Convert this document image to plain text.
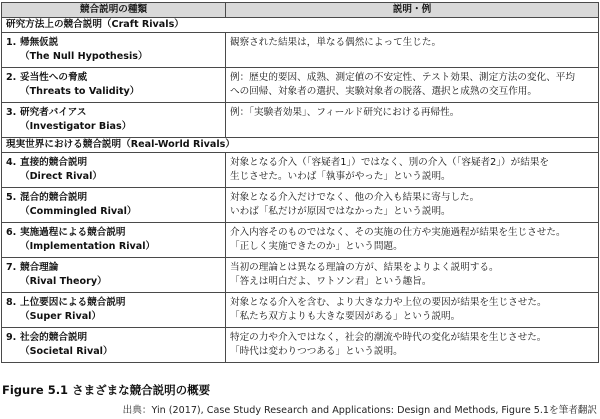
競合説明の種類	説明・例
研究方法上の競合説明（Craft Rivals）	
1. 帰無仮説
（The Null Hypothesis）	観察された結果は，単なる偶然によって生じた。

2. 妥当性への脅威
（Threats to Validity）	例：歴史的要因、成熟、測定値の不安定性、テスト効果、測定方法の変化、平均
への回帰、対象者の選択、実験対象者の脱落、選択と成熟の交互作用。

3. 研究者バイアス
（Investigator Bias）	例：「実験者効果」、フィールド研究における再帰性。

現実世界における競合説明（Real-World Rivals）	
4. 直接的競合説明
（Direct Rival）	対象となる介入（「容疑者1」）ではなく、別の介入（「容疑者2」）が結果を
生じさせた。いわば「執事がやった」という説明。

5. 混合的競合説明
（Commingled Rival）	対象となる介入だけでなく、他の介入も結果に寄与した。
いわば「私だけが原因ではなかった」という説明。

6. 実施過程による競合説明
（Implementation Rival）	介入内容そのものではなく、その実施の仕方や実施過程が結果を生じさせた。
「正しく実施できたのか」という問題。

7. 競合理論
（Rival Theory）	当初の理論とは異なる理論の方が、結果をよりよく説明する。
「答えは明白だよ、ワトソン君」という趣旨。

8. 上位要因による競合説明
（Super Rival）	対象となる介入を含む、より大きな力や上位の要因が結果を生じさせた。
「私たち双方よりも大きな要因がある」という説明。

9. 社会的競合説明
（Societal Rival）	特定の力や介入ではなく，社会的潮流や時代の変化が結果を生じさせた。
「時代は変わりつつある」という説明。
Figure 5.1 さまざまな競合説明の概要
出典：Yin (2017), Case Study Research and Applications: Design and Methods, Figure 5.1を筆者翻訳
